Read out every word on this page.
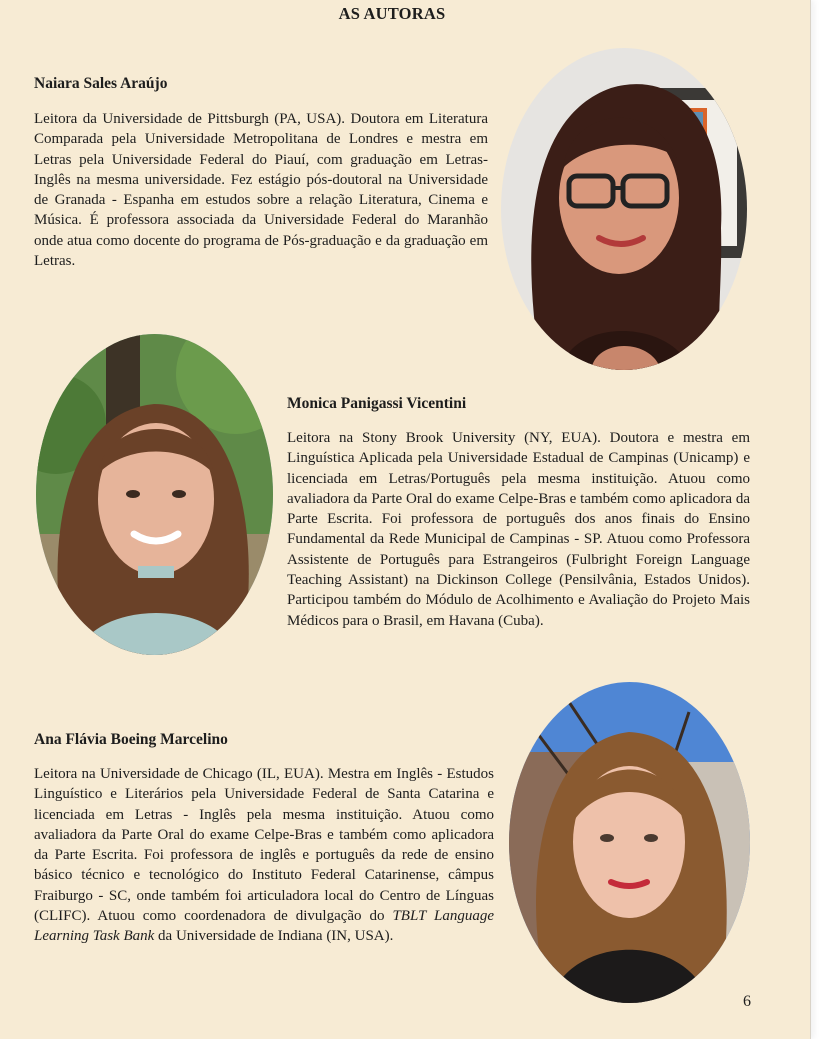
AS AUTORAS
Naiara Sales Araújo

Leitora da Universidade de Pittsburgh (PA, USA). Doutora em Literatura Comparada pela Universidade Metropolitana de Londres e mestra em Letras pela Universidade Federal do Piauí, com graduação em Letras-Inglês na mesma universidade. Fez estágio pós-doutoral na Universidade de Granada - Espanha em estudos sobre a relação Literatura, Cinema e Música. É professora associada da Universidade Federal do Maranhão onde atua como docente do programa de Pós-graduação e da graduação em Letras.

Monica Panigassi Vicentini

Leitora na Stony Brook University (NY, EUA). Doutora e mestra em Linguística Aplicada pela Universidade Estadual de Campinas (Unicamp) e licenciada em Letras/Português pela mesma instituição. Atuou como avaliadora da Parte Oral do exame Celpe-Bras e também como aplicadora da Parte Escrita. Foi professora de português dos anos finais do Ensino Fundamental da Rede Municipal de Campinas - SP. Atuou como Professora Assistente de Português para Estrangeiros (Fulbright Foreign Language Teaching Assistant) na Dickinson College (Pensilvânia, Estados Unidos). Participou também do Módulo de Acolhimento e Avaliação do Projeto Mais Médicos para o Brasil, em Havana (Cuba).

Ana Flávia Boeing Marcelino

Leitora na Universidade de Chicago (IL, EUA). Mestra em Inglês - Estudos Linguístico e Literários pela Universidade Federal de Santa Catarina e licenciada em Letras - Inglês pela mesma instituição. Atuou como avaliadora da Parte Oral do exame Celpe-Bras e também como aplicadora da Parte Escrita. Foi professora de inglês e português da rede de ensino básico técnico e tecnológico do Instituto Federal Catarinense, câmpus Fraiburgo - SC, onde também foi articuladora local do Centro de Línguas (CLIFC). Atuou como coordenadora de divulgação do TBLT Language Learning Task Bank da Universidade de Indiana (IN, USA).

6
